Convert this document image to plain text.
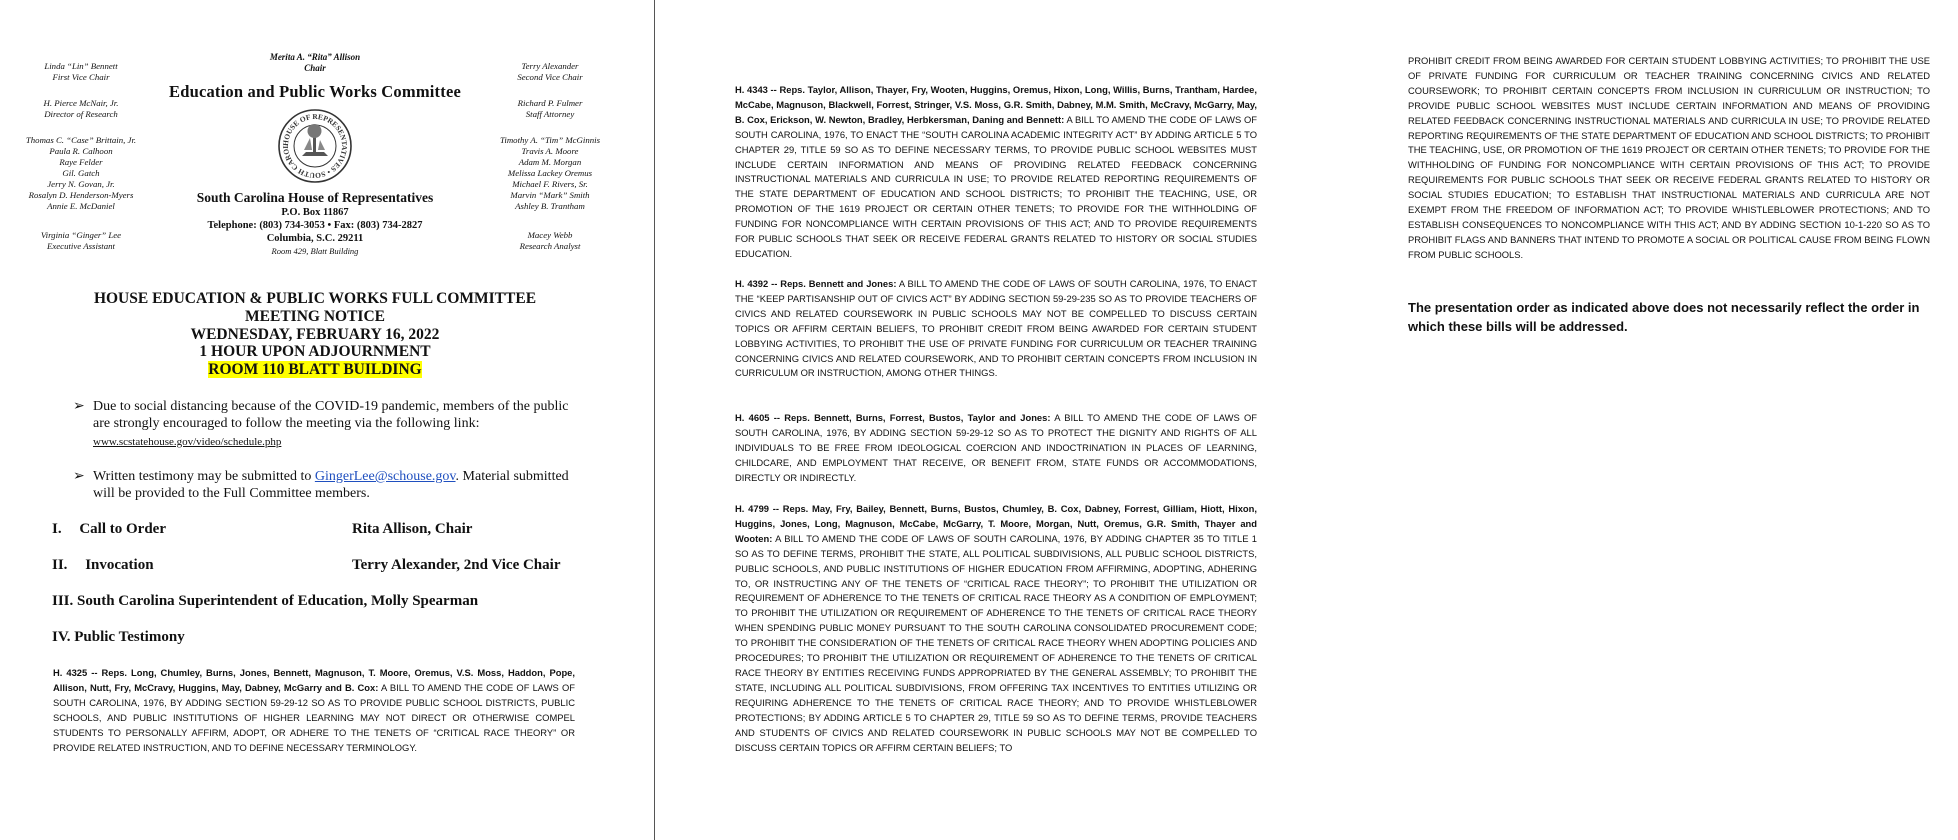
Linda “Lin” Bennett
First Vice Chair
H. Pierce McNair, Jr.
Director of Research
Thomas C. “Case” Brittain, Jr.
Paula R. Calhoon
Raye Felder
Gil. Gatch
Jerry N. Govan, Jr.
Rosalyn D. Henderson-Myers
Annie E. McDaniel
Virginia “Ginger” Lee
Executive Assistant
Terry Alexander
Second Vice Chair
Richard P. Fulmer
Staff Attorney
Timothy A. “Tim” McGinnis
Travis A. Moore
Adam M. Morgan
Melissa Lackey Oremus
Michael F. Rivers, Sr.
Marvin “Mark” Smith
Ashley B. Trantham
Macey Webb
Research Analyst
Merita A. “Rita” Allison
Chair
Education and Public Works Committee
HOUSE OF REPRESENTATIVES • SOUTH CAROL
South Carolina House of Representatives
P.O. Box 11867
Telephone: (803) 734-3053 • Fax: (803) 734-2827
Columbia, S.C. 29211
Room 429, Blatt Building
HOUSE EDUCATION & PUBLIC WORKS FULL COMMITTEE
MEETING NOTICE
WEDNESDAY, FEBRUARY 16, 2022
1 HOUR UPON ADJOURNMENT
ROOM 110 BLATT BUILDING
➢ Due to social distancing because of the COVID-19 pandemic, members of the public are strongly encouraged to follow the meeting via the following link: www.scstatehouse.gov/video/schedule.php
➢ Written testimony may be submitted to GingerLee@schouse.gov. Material submitted will be provided to the Full Committee members.
I. Call to Order	Rita Allison, Chair
II. Invocation	Terry Alexander, 2nd Vice Chair
III. South Carolina Superintendent of Education, Molly Spearman
IV. Public Testimony
H. 4325 -- Reps. Long, Chumley, Burns, Jones, Bennett, Magnuson, T. Moore, Oremus, V.S. Moss, Haddon, Pope, Allison, Nutt, Fry, McCravy, Huggins, May, Dabney, McGarry and B. Cox: A BILL TO AMEND THE CODE OF LAWS OF SOUTH CAROLINA, 1976, BY ADDING SECTION 59-29-12 SO AS TO PROVIDE PUBLIC SCHOOL DISTRICTS, PUBLIC SCHOOLS, AND PUBLIC INSTITUTIONS OF HIGHER LEARNING MAY NOT DIRECT OR OTHERWISE COMPEL STUDENTS TO PERSONALLY AFFIRM, ADOPT, OR ADHERE TO THE TENETS OF “CRITICAL RACE THEORY” OR PROVIDE RELATED INSTRUCTION, AND TO DEFINE NECESSARY TERMINOLOGY.
H. 4343 -- Reps. Taylor, Allison, Thayer, Fry, Wooten, Huggins, Oremus, Hixon, Long, Willis, Burns, Trantham, Hardee, McCabe, Magnuson, Blackwell, Forrest, Stringer, V.S. Moss, G.R. Smith, Dabney, M.M. Smith, McCravy, McGarry, May, B. Cox, Erickson, W. Newton, Bradley, Herbkersman, Daning and Bennett: A BILL TO AMEND THE CODE OF LAWS OF SOUTH CAROLINA, 1976, TO ENACT THE “SOUTH CAROLINA ACADEMIC INTEGRITY ACT” BY ADDING ARTICLE 5 TO CHAPTER 29, TITLE 59 SO AS TO DEFINE NECESSARY TERMS, TO PROVIDE PUBLIC SCHOOL WEBSITES MUST INCLUDE CERTAIN INFORMATION AND MEANS OF PROVIDING RELATED FEEDBACK CONCERNING INSTRUCTIONAL MATERIALS AND CURRICULA IN USE; TO PROVIDE RELATED REPORTING REQUIREMENTS OF THE STATE DEPARTMENT OF EDUCATION AND SCHOOL DISTRICTS; TO PROHIBIT THE TEACHING, USE, OR PROMOTION OF THE 1619 PROJECT OR CERTAIN OTHER TENETS; TO PROVIDE FOR THE WITHHOLDING OF FUNDING FOR NONCOMPLIANCE WITH CERTAIN PROVISIONS OF THIS ACT; AND TO PROVIDE REQUIREMENTS FOR PUBLIC SCHOOLS THAT SEEK OR RECEIVE FEDERAL GRANTS RELATED TO HISTORY OR SOCIAL STUDIES EDUCATION.
H. 4392 -- Reps. Bennett and Jones: A BILL TO AMEND THE CODE OF LAWS OF SOUTH CAROLINA, 1976, TO ENACT THE “KEEP PARTISANSHIP OUT OF CIVICS ACT” BY ADDING SECTION 59-29-235 SO AS TO PROVIDE TEACHERS OF CIVICS AND RELATED COURSEWORK IN PUBLIC SCHOOLS MAY NOT BE COMPELLED TO DISCUSS CERTAIN TOPICS OR AFFIRM CERTAIN BELIEFS, TO PROHIBIT CREDIT FROM BEING AWARDED FOR CERTAIN STUDENT LOBBYING ACTIVITIES, TO PROHIBIT THE USE OF PRIVATE FUNDING FOR CURRICULUM OR TEACHER TRAINING CONCERNING CIVICS AND RELATED COURSEWORK, AND TO PROHIBIT CERTAIN CONCEPTS FROM INCLUSION IN CURRICULUM OR INSTRUCTION, AMONG OTHER THINGS.
H. 4605 -- Reps. Bennett, Burns, Forrest, Bustos, Taylor and Jones: A BILL TO AMEND THE CODE OF LAWS OF SOUTH CAROLINA, 1976, BY ADDING SECTION 59-29-12 SO AS TO PROTECT THE DIGNITY AND RIGHTS OF ALL INDIVIDUALS TO BE FREE FROM IDEOLOGICAL COERCION AND INDOCTRINATION IN PLACES OF LEARNING, CHILDCARE, AND EMPLOYMENT THAT RECEIVE, OR BENEFIT FROM, STATE FUNDS OR ACCOMMODATIONS, DIRECTLY OR INDIRECTLY.
H. 4799 -- Reps. May, Fry, Bailey, Bennett, Burns, Bustos, Chumley, B. Cox, Dabney, Forrest, Gilliam, Hiott, Hixon, Huggins, Jones, Long, Magnuson, McCabe, McGarry, T. Moore, Morgan, Nutt, Oremus, G.R. Smith, Thayer and Wooten: A BILL TO AMEND THE CODE OF LAWS OF SOUTH CAROLINA, 1976, BY ADDING CHAPTER 35 TO TITLE 1 SO AS TO DEFINE TERMS, PROHIBIT THE STATE, ALL POLITICAL SUBDIVISIONS, ALL PUBLIC SCHOOL DISTRICTS, PUBLIC SCHOOLS, AND PUBLIC INSTITUTIONS OF HIGHER EDUCATION FROM AFFIRMING, ADOPTING, ADHERING TO, OR INSTRUCTING ANY OF THE TENETS OF “CRITICAL RACE THEORY”; TO PROHIBIT THE UTILIZATION OR REQUIREMENT OF ADHERENCE TO THE TENETS OF CRITICAL RACE THEORY AS A CONDITION OF EMPLOYMENT; TO PROHIBIT THE UTILIZATION OR REQUIREMENT OF ADHERENCE TO THE TENETS OF CRITICAL RACE THEORY WHEN SPENDING PUBLIC MONEY PURSUANT TO THE SOUTH CAROLINA CONSOLIDATED PROCUREMENT CODE; TO PROHIBIT THE CONSIDERATION OF THE TENETS OF CRITICAL RACE THEORY WHEN ADOPTING POLICIES AND PROCEDURES; TO PROHIBIT THE UTILIZATION OR REQUIREMENT OF ADHERENCE TO THE TENETS OF CRITICAL RACE THEORY BY ENTITIES RECEIVING FUNDS APPROPRIATED BY THE GENERAL ASSEMBLY; TO PROHIBIT THE STATE, INCLUDING ALL POLITICAL SUBDIVISIONS, FROM OFFERING TAX INCENTIVES TO ENTITIES UTILIZING OR REQUIRING ADHERENCE TO THE TENETS OF CRITICAL RACE THEORY; AND TO PROVIDE WHISTLEBLOWER PROTECTIONS; BY ADDING ARTICLE 5 TO CHAPTER 29, TITLE 59 SO AS TO DEFINE TERMS, PROVIDE TEACHERS AND STUDENTS OF CIVICS AND RELATED COURSEWORK IN PUBLIC SCHOOLS MAY NOT BE COMPELLED TO DISCUSS CERTAIN TOPICS OR AFFIRM CERTAIN BELIEFS; TO
PROHIBIT CREDIT FROM BEING AWARDED FOR CERTAIN STUDENT LOBBYING ACTIVITIES; TO PROHIBIT THE USE OF PRIVATE FUNDING FOR CURRICULUM OR TEACHER TRAINING CONCERNING CIVICS AND RELATED COURSEWORK; TO PROHIBIT CERTAIN CONCEPTS FROM INCLUSION IN CURRICULUM OR INSTRUCTION; TO PROVIDE PUBLIC SCHOOL WEBSITES MUST INCLUDE CERTAIN INFORMATION AND MEANS OF PROVIDING RELATED FEEDBACK CONCERNING INSTRUCTIONAL MATERIALS AND CURRICULA IN USE; TO PROVIDE RELATED REPORTING REQUIREMENTS OF THE STATE DEPARTMENT OF EDUCATION AND SCHOOL DISTRICTS; TO PROHIBIT THE TEACHING, USE, OR PROMOTION OF THE 1619 PROJECT OR CERTAIN OTHER TENETS; TO PROVIDE FOR THE WITHHOLDING OF FUNDING FOR NONCOMPLIANCE WITH CERTAIN PROVISIONS OF THIS ACT; TO PROVIDE REQUIREMENTS FOR PUBLIC SCHOOLS THAT SEEK OR RECEIVE FEDERAL GRANTS RELATED TO HISTORY OR SOCIAL STUDIES EDUCATION; TO ESTABLISH THAT INSTRUCTIONAL MATERIALS AND CURRICULA ARE NOT EXEMPT FROM THE FREEDOM OF INFORMATION ACT; TO PROVIDE WHISTLEBLOWER PROTECTIONS; AND TO ESTABLISH CONSEQUENCES TO NONCOMPLIANCE WITH THIS ACT; AND BY ADDING SECTION 10-1-220 SO AS TO PROHIBIT FLAGS AND BANNERS THAT INTEND TO PROMOTE A SOCIAL OR POLITICAL CAUSE FROM BEING FLOWN FROM PUBLIC SCHOOLS.
The presentation order as indicated above does not necessarily reflect the order in which these bills will be addressed.
